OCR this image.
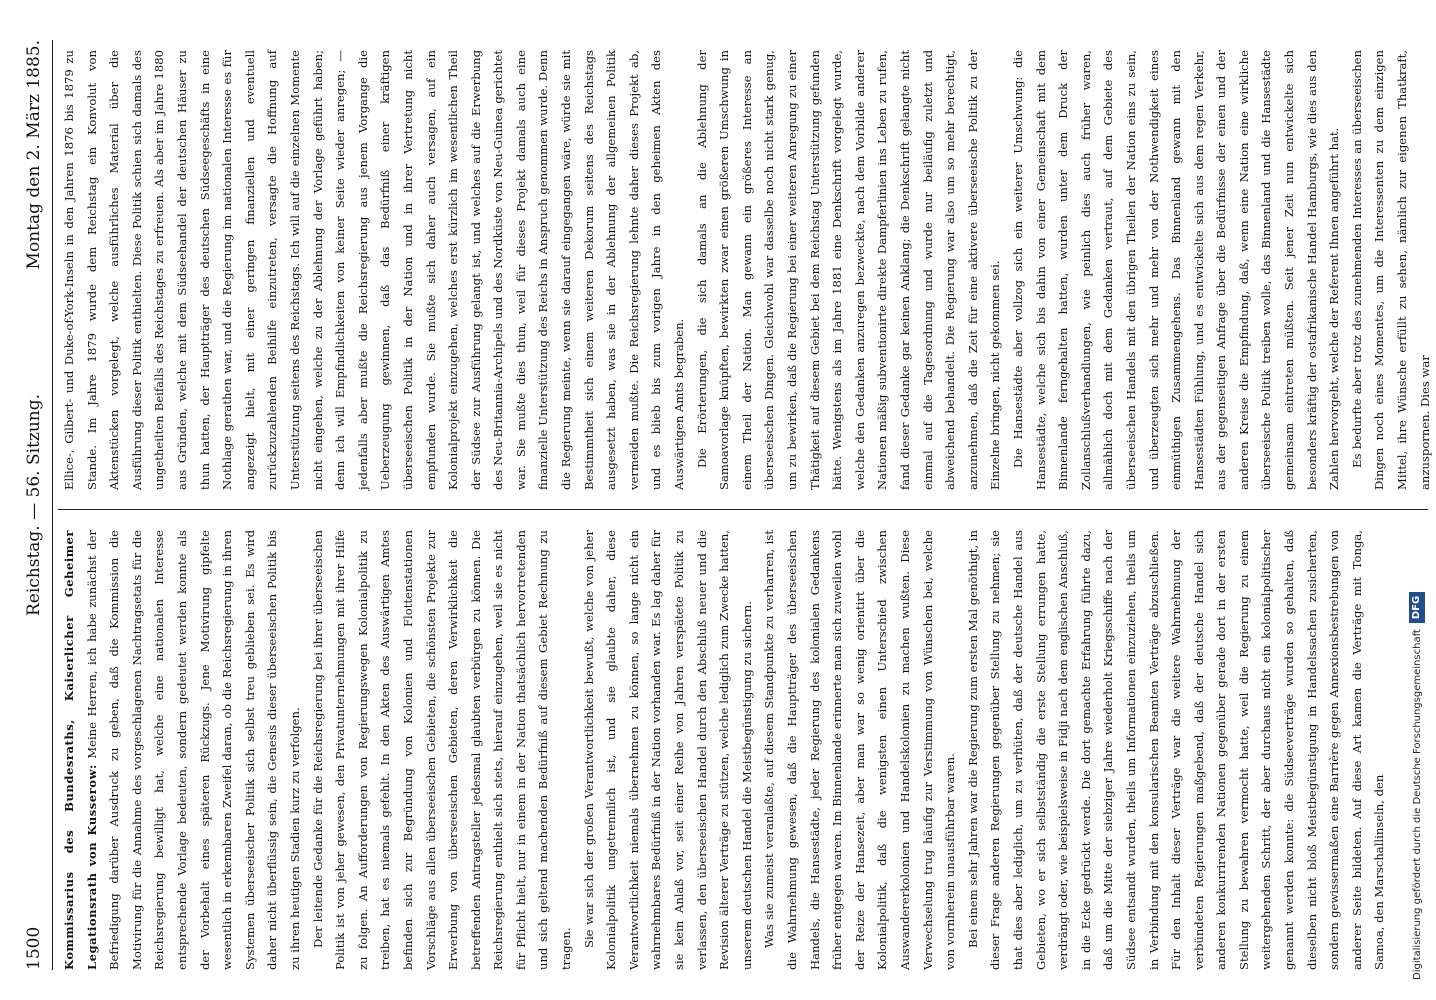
1500
Reichstag. — 56. Sitzung.
Montag den 2. März 1885.

Kommissarius des Bundesraths, Kaiserlicher Geheimer Legationsrath von Kusserow: Meine Herren, ich habe zunächst der Befriedigung darüber Ausdruck zu geben, daß die Kommission die Motivirung für die Annahme des vorgeschlagenen Nachtragsetats für die Reichsregierung bewilligt hat, welche eine nationalen Interesse entsprechende Vorlage bedeuten, sondern gedeutet werden konnte als der Vorbehalt eines späteren Rückzugs. Jene Motivirung gipfelte wesentlich in erkennbaren Zweifel daran, ob die Reichsregierung in ihren Systemen überseeischer Politik sich selbst treu geblieben sei. Es wird daher nicht überflüssig sein, die Genesis dieser überseeischen Politik bis zu ihren heutigen Stadien kurz zu verfolgen. Der leitende Gedanke für die Reichsregierung bei ihrer überseeischen Politik ist von jeher gewesen, den Privatunternehmungen mit ihrer Hilfe zu folgen. An Aufforderungen von Regierungswegen Kolonialpolitik zu treiben, hat es niemals gefehlt. In den Akten des Auswärtigen Amtes befinden sich zur Begründung von Kolonien und Flottenstationen Vorschläge aus allen überseeischen Gebieten, die schönsten Projekte zur Erwerbung von überseeischen Gebieten, deren Verwirklichkeit die betreffenden Antragsteller jedesmal glaubten verbürgen zu können. Die Reichsregierung enthielt sich stets, hierauf einzugehen, weil sie es nicht für Pflicht hielt, nur in einem in der Nation thatsächlich hervortretenden und sich geltend machenden Bedürfniß auf diesem Gebiet Rechnung zu tragen.

Sie war sich der großen Verantwortlichkeit bewußt, welche von jeher Kolonialpolitik ungetrennlich ist, und sie glaubte daher, diese Verantwortlichkeit niemals übernehmen zu können, so lange nicht ein wahrnehmbares Bedürfniß in der Nation vorhanden war. Es lag daher für sie kein Anlaß vor, seit einer Reihe von Jahren verspätete Politik zu verlassen, den überseeischen Handel durch den Abschluß neuer und die Revision älterer Verträge zu stützen, welche lediglich zum Zwecke hatten, unserem deutschen Handel die Meistbegünstigung zu sichern. Was sie zumeist veranlaßte, auf diesem Standpunkte zu verharren, ist die Wahrnehmung gewesen, daß die Hauptträger des überseeischen Handels, die Hansestädte, jeder Regierung des kolonialen Gedankens früher entgegen waren. Im Binnenlande erinnerte man sich zuweilen wohl der Reize der Hansezeit, aber man war so wenig orientirt über die Kolonialpolitik, daß die wenigsten einen Unterschied zwischen Auswandererkolonien und Handelskolonien zu machen wußten. Diese Verwechselung trug häufig zur Verstimmung von Wünschen bei, welche von vornherein unausführbar waren. Bei einem sehr Jahren war die Regierung zum ersten Mal genöthigt, in dieser Frage anderen Regierungen gegenüber Stellung zu nehmen; sie that dies aber lediglich, um zu verhüten, daß der deutsche Handel aus Gebieten, wo er sich selbstständig die erste Stellung errungen hatte, verdrängt oder, wie beispielsweise in Fidji nach dem englischen Anschluß, in die Ecke gedrückt werde. Die dort gemachte Erfahrung führte dazu, daß um die Mitte der siebziger Jahre wiederholt Kriegsschiffe nach der Südsee entsandt wurden, theils um Informationen einzuziehen, theils um in Verbindung mit den konsularischen Beamten Verträge abzuschließen. Für den Inhalt dieser Verträge war die weitere Wahrnehmung der verbündeten Regierungen maßgebend, daß der deutsche Handel sich anderen konkurrirenden Nationen gegenüber gerade dort in der ersten Stellung zu bewahren vermocht hatte, weil die Regierung zu einem weitergehenden Schritt, der aber durchaus nicht ein kolonialpolitischer genannt werden konnte: die Südseeverträge wurden so gehalten, daß dieselben nicht bloß Meistbegünstigung in Handelssachen zusicherten, sondern gewissermaßen eine Barrière gegen Annexionsbestrebungen von anderer Seite bildeten. Auf diese Art kamen die Verträge mit Tonga, Samoa, den Marschallinseln, den

Ellice-, Gilbert- und Duke-of-York-Inseln in den Jahren 1876 bis 1879 zu Stande. Im Jahre 1879 wurde dem Reichstag ein Konvolut von Aktenstücken vorgelegt, welche ausführliches Material über die Ausführung dieser Politik enthielten. Diese Politik schien sich damals des ungetheilten Beifalls des Reichstages zu erfreuen. Als aber im Jahre 1880 aus Gründen, welche mit dem Südseehandel der deutschen Häuser zu thun hatten, der Hauptträger des deutschen Südseegeschäfts in eine Nothlage gerathen war, und die Regierung im nationalen Interesse es für angezeigt hielt, mit einer geringen finanziellen und eventuell zurückzuzahlenden Beihilfe einzutreten, versagte die Hoffnung auf Unterstützung seitens des Reichstags. Ich will auf die einzelnen Momente nicht eingehen, welche zu der Ablehnung der Vorlage geführt haben; denn ich will Empfindlichkeiten von keiner Seite wieder anregen; — jedenfalls aber mußte die Reichsregierung aus jenem Vorgange die Ueberzeugung gewinnen, daß das Bedürfniß einer kräftigen überseeischen Politik in der Nation und in ihrer Vertretung nicht empfunden wurde. Sie mußte sich daher auch versagen, auf ein Kolonialprojekt einzugehen, welches erst kürzlich im wesentlichen Theil der Südsee zur Ausführung gelangt ist, und welches auf die Erwerbung des Neu-Britannia-Archipels und des Nordküste von Neu-Guinea gerichtet war. Sie mußte dies thun, weil für dieses Projekt damals auch eine finanzielle Unterstützung des Reichs in Anspruch genommen wurde. Denn die Regierung meinte, wenn sie darauf eingegangen wäre, würde sie mit Bestimmtheit sich einem weiteren Dekorum seitens des Reichstags ausgesetzt haben, was sie in der Ablehnung der allgemeinen Politik vermeiden mußte. Die Reichsregierung lehnte daher dieses Projekt ab, und es blieb bis zum vorigen Jahre in den geheimen Akten des Auswärtigen Amts begraben. Die Erörterungen, die sich damals an die Ablehnung der Samoavorlage knüpften, bewirkten zwar einen größeren Umschwung in einem Theil der Nation. Man gewann ein größeres Interesse an überseeischen Dingen. Gleichwohl war dasselbe noch nicht stark genug, um zu bewirken, daß die Regierung bei einer weiteren Anregung zu einer Thätigkeit auf diesem Gebiet bei dem Reichstag Unterstützung gefunden hätte. Wenigstens als im Jahre 1881 eine Denkschrift vorgelegt wurde, welche den Gedanken anzuregen bezweckte, nach dem Vorbilde anderer Nationen mäßig subventionirte direkte Dampferlinien ins Leben zu rufen, fand dieser Gedanke gar keinen Anklang; die Denkschrift gelangte nicht einmal auf die Tagesordnung und wurde nur beiläufig zuletzt und abweichend behandelt. Die Regierung war also um so mehr berechtigt, anzunehmen, daß die Zeit für eine aktivere überseeische Politik zu der Einzelne bringen, nicht gekommen sei. Die Hansestädte aber vollzog sich ein weiterer Umschwung: die Hansestädte, welche sich bis dahin von einer Gemeinschaft mit dem Binnenlande ferngehalten hatten, wurden unter dem Druck der Zollanschlußverhandlungen, wie peinlich dies auch früher waren, allmählich doch mit dem Gedanken vertraut, auf dem Gebiete des überseeischen Handels mit den übrigen Theilen der Nation eins zu sein, und überzeugten sich mehr und mehr von der Nothwendigkeit eines einmüthigen Zusammengehens. Das Binnenland gewann mit den Hansestädten Fühlung, und es entwickelte sich aus dem regen Verkehr, aus der gegenseitigen Anfrage über die Bedürfnisse der einen und der anderen Kreise die Empfindung, daß, wenn eine Nation eine wirkliche überseeische Politik treiben wolle, das Binnenland und die Hansestädte gemeinsam eintreten müßten. Seit jener Zeit nun entwickelte sich besonders kräftig der ostafrikanische Handel Hamburgs, wie dies aus den Zahlen hervorgeht, welche der Referent Ihnen angeführt hat. Es bedurfte aber trotz des zunehmenden Interesses an überseeischen Dingen noch eines Momentes, um die Interessenten zu dem einzigen Mittel, ihre Wünsche erfüllt zu sehen, nämlich zur eigenen Thatkraft, anzuspornen. Dies war

Digitalisierung gefördert durch die Deutsche ForschungsgemeinschaftDFG
